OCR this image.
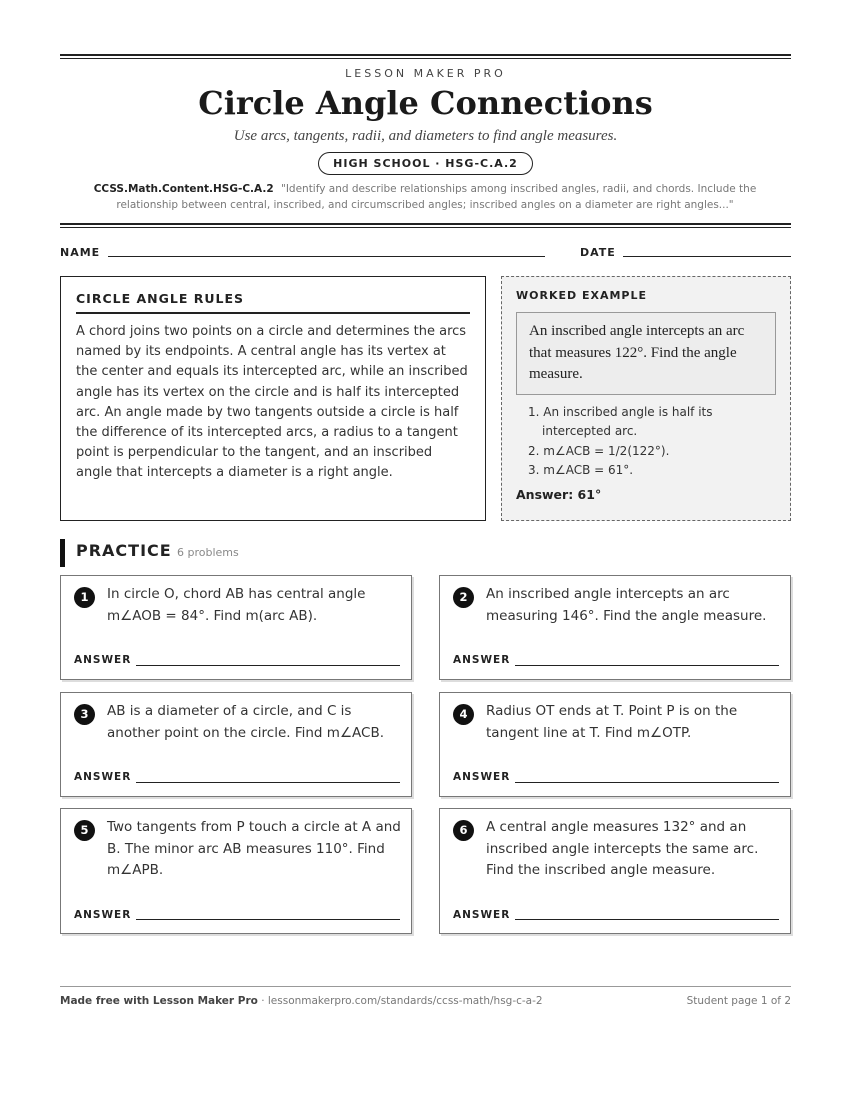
LESSON MAKER PRO
Circle Angle Connections
Use arcs, tangents, radii, and diameters to find angle measures.
HIGH SCHOOL · HSG-C.A.2
CCSS.Math.Content.HSG-C.A.2 "Identify and describe relationships among inscribed angles, radii, and chords. Include the relationship between central, inscribed, and circumscribed angles; inscribed angles on a diameter are right angles..."
NAME	DATE
CIRCLE ANGLE RULES
A chord joins two points on a circle and determines the arcs named by its endpoints. A central angle has its vertex at the center and equals its intercepted arc, while an inscribed angle has its vertex on the circle and is half its intercepted arc. An angle made by two tangents outside a circle is half the difference of its intercepted arcs, a radius to a tangent point is perpendicular to the tangent, and an inscribed angle that intercepts a diameter is a right angle.
WORKED EXAMPLE
An inscribed angle intercepts an arc that measures 122°. Find the angle measure.
1. An inscribed angle is half its intercepted arc.
2. m∠ACB = 1/2(122°).
3. m∠ACB = 61°.
Answer: 61°
PRACTICE 6 problems
1	In circle O, chord AB has central angle m∠AOB = 84°. Find m(arc AB).
ANSWER
2	An inscribed angle intercepts an arc measuring 146°. Find the angle measure.
ANSWER
3	AB is a diameter of a circle, and C is another point on the circle. Find m∠ACB.
ANSWER
4	Radius OT ends at T. Point P is on the tangent line at T. Find m∠OTP.
ANSWER
5	Two tangents from P touch a circle at A and B. The minor arc AB measures 110°. Find m∠APB.
ANSWER
6	A central angle measures 132° and an inscribed angle intercepts the same arc. Find the inscribed angle measure.
ANSWER
Made free with Lesson Maker Pro · lessonmakerpro.com/standards/ccss-math/hsg-c-a-2	Student page 1 of 2
